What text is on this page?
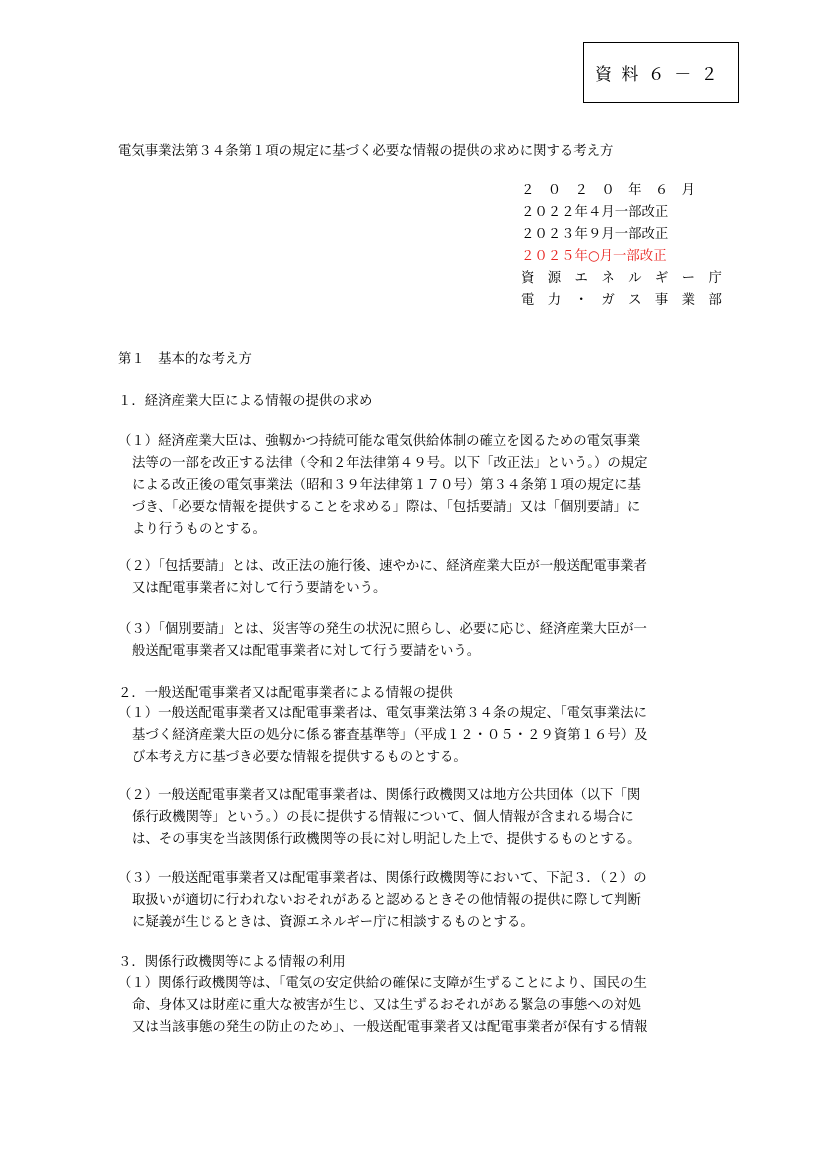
資 料 ６ － ２
電気事業法第３４条第１項の規定に基づく必要な情報の提供の求めに関する考え方
２　０　２　０　年　６　月
２０２２年４月一部改正
２０２３年９月一部改正
２０２５年○月一部改正
資　源　エ　ネ　ル　ギ　ー　庁
電　力　・　ガ　ス　事　業　部
第１　基本的な考え方
１．経済産業大臣による情報の提供の求め
（１）経済産業大臣は、強靱かつ持続可能な電気供給体制の確立を図るための電気事業
法等の一部を改正する法律（令和２年法律第４９号。以下「改正法」という。）の規定
による改正後の電気事業法（昭和３９年法律第１７０号）第３４条第１項の規定に基
づき、「必要な情報を提供することを求める」際は、「包括要請」又は「個別要請」に
より行うものとする。
（２）「包括要請」とは、改正法の施行後、速やかに、経済産業大臣が一般送配電事業者
又は配電事業者に対して行う要請をいう。
（３）「個別要請」とは、災害等の発生の状況に照らし、必要に応じ、経済産業大臣が一
般送配電事業者又は配電事業者に対して行う要請をいう。
２．一般送配電事業者又は配電事業者による情報の提供
（１）一般送配電事業者又は配電事業者は、電気事業法第３４条の規定、「電気事業法に
基づく経済産業大臣の処分に係る審査基準等」（平成１２・０５・２９資第１６号）及
び本考え方に基づき必要な情報を提供するものとする。
（２）一般送配電事業者又は配電事業者は、関係行政機関又は地方公共団体（以下「関
係行政機関等」という。）の長に提供する情報について、個人情報が含まれる場合に
は、その事実を当該関係行政機関等の長に対し明記した上で、提供するものとする。
（３）一般送配電事業者又は配電事業者は、関係行政機関等において、下記３．（２）の
取扱いが適切に行われないおそれがあると認めるときその他情報の提供に際して判断
に疑義が生じるときは、資源エネルギー庁に相談するものとする。
３．関係行政機関等による情報の利用
（１）関係行政機関等は、「電気の安定供給の確保に支障が生ずることにより、国民の生
命、身体又は財産に重大な被害が生じ、又は生ずるおそれがある緊急の事態への対処
又は当該事態の発生の防止のため」、一般送配電事業者又は配電事業者が保有する情報
